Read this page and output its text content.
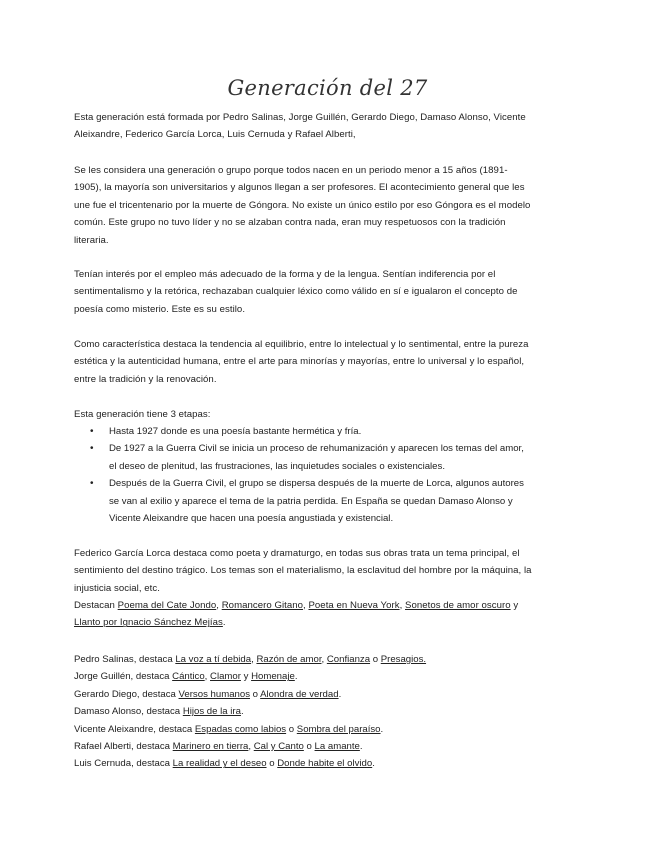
Generación del 27

Esta generación está formada por Pedro Salinas, Jorge Guillén, Gerardo Diego, Damaso Alonso, Vicente Aleixandre, Federico García Lorca, Luis Cernuda y Rafael Alberti,

Se les considera una generación o grupo porque todos nacen en un periodo menor a 15 años (1891-1905), la mayoría son universitarios y algunos llegan a ser profesores. El acontecimiento general que les une fue el tricentenario por la muerte de Góngora. No existe un único estilo por eso Góngora es el modelo común. Este grupo no tuvo líder y no se alzaban contra nada, eran muy respetuosos con la tradición literaria.

Tenían interés por el empleo más adecuado de la forma y de la lengua. Sentían indiferencia por el sentimentalismo y la retórica, rechazaban cualquier léxico como válido en sí e igualaron el concepto de poesía como misterio. Este es su estilo.

Como característica destaca la tendencia al equilibrio, entre lo intelectual y lo sentimental, entre la pureza estética y la autenticidad humana, entre el arte para minorías y mayorías, entre lo universal y lo español, entre la tradición y la renovación.

Esta generación tiene 3 etapas:

• Hasta 1927 donde es una poesía bastante hermética y fría.
• De 1927 a la Guerra Civil se inicia un proceso de rehumanización y aparecen los temas del amor, el deseo de plenitud, las frustraciones, las inquietudes sociales o existenciales.
• Después de la Guerra Civil, el grupo se dispersa después de la muerte de Lorca, algunos autores se van al exilio y aparece el tema de la patria perdida. En España se quedan Damaso Alonso y Vicente Aleixandre que hacen una poesía angustiada y existencial.

Federico García Lorca destaca como poeta y dramaturgo, en todas sus obras trata un tema principal, el sentimiento del destino trágico. Los temas son el materialismo, la esclavitud del hombre por la máquina, la injusticia social, etc.

Destacan Poema del Cate Jondo, Romancero Gitano, Poeta en Nueva York, Sonetos de amor oscuro y Llanto por Ignacio Sánchez Mejías.

Pedro Salinas, destaca La voz a tí debida, Razón de amor, Confianza o Presagios.
Jorge Guillén, destaca Cántico, Clamor y Homenaje.
Gerardo Diego, destaca Versos humanos o Alondra de verdad.
Damaso Alonso, destaca Hijos de la ira.
Vicente Aleixandre, destaca Espadas como labios o Sombra del paraíso.
Rafael Alberti, destaca Marinero en tierra, Cal y Canto o La amante.
Luis Cernuda, destaca La realidad y el deseo o Donde habite el olvido.
